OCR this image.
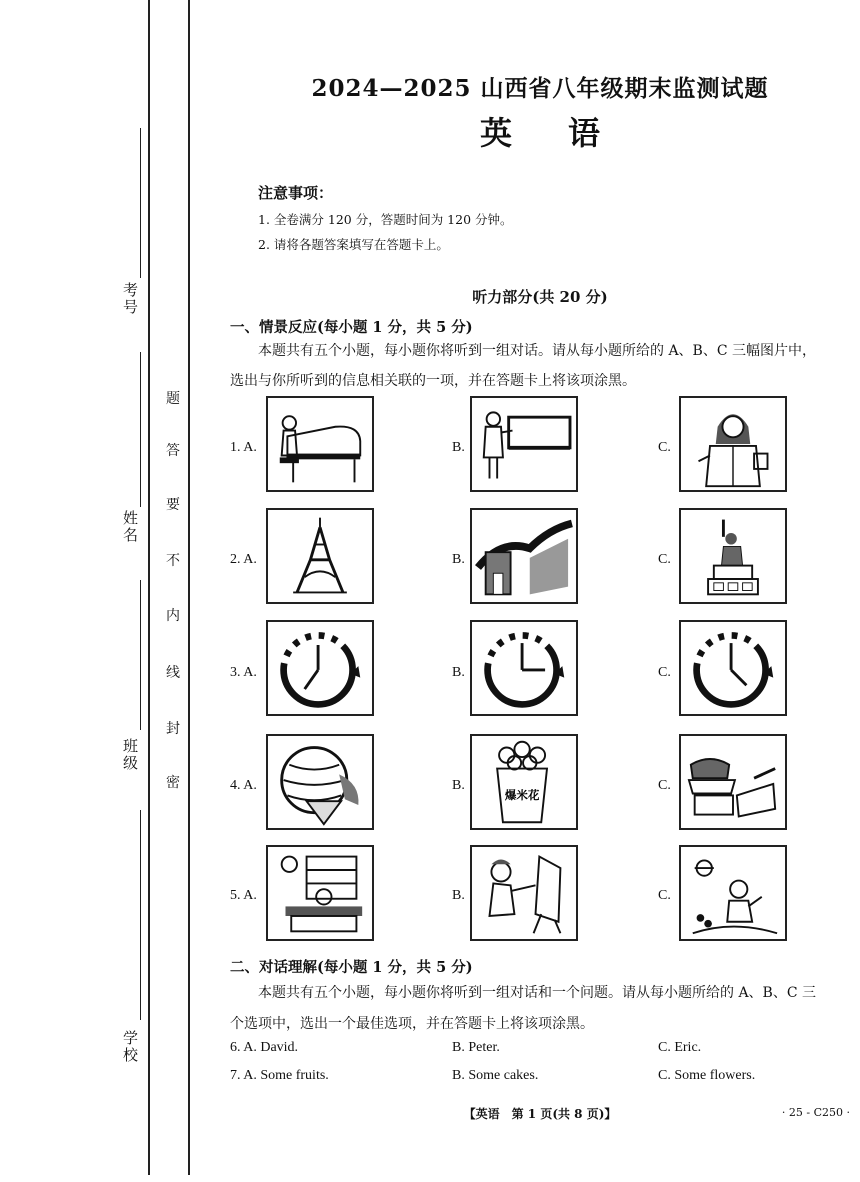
考号
姓名
班级
学校
题
答
要
不
内
线
封
密
2024—2025 山西省八年级期末监测试题
英语
注意事项：
1. 全卷满分 120 分，答题时间为 120 分钟。
2. 请将各题答案填写在答题卡上。
听力部分(共 20 分)
一、情景反应(每小题 1 分，共 5 分)
本题共有五个小题，每小题你将听到一组对话。请从每小题所给的 A、B、C 三幅图片中，
选出与你所听到的信息相关联的一项，并在答题卡上将该项涂黑。
1. A.	B.	C.
2. A.	B.	C.
3. A.	B.	C.
4. A.	B.
爆米花
C.
5. A.	B.	C.
二、对话理解(每小题 1 分，共 5 分)
本题共有五个小题，每小题你将听到一组对话和一个问题。请从每小题所给的 A、B、C 三
个选项中，选出一个最佳选项，并在答题卡上将该项涂黑。
6. A. David.	B. Peter.	C. Eric.
7. A. Some fruits.	B. Some cakes.	C. Some flowers.
【英语　第 1 页(共 8 页)】	· 25 - C250 ·
